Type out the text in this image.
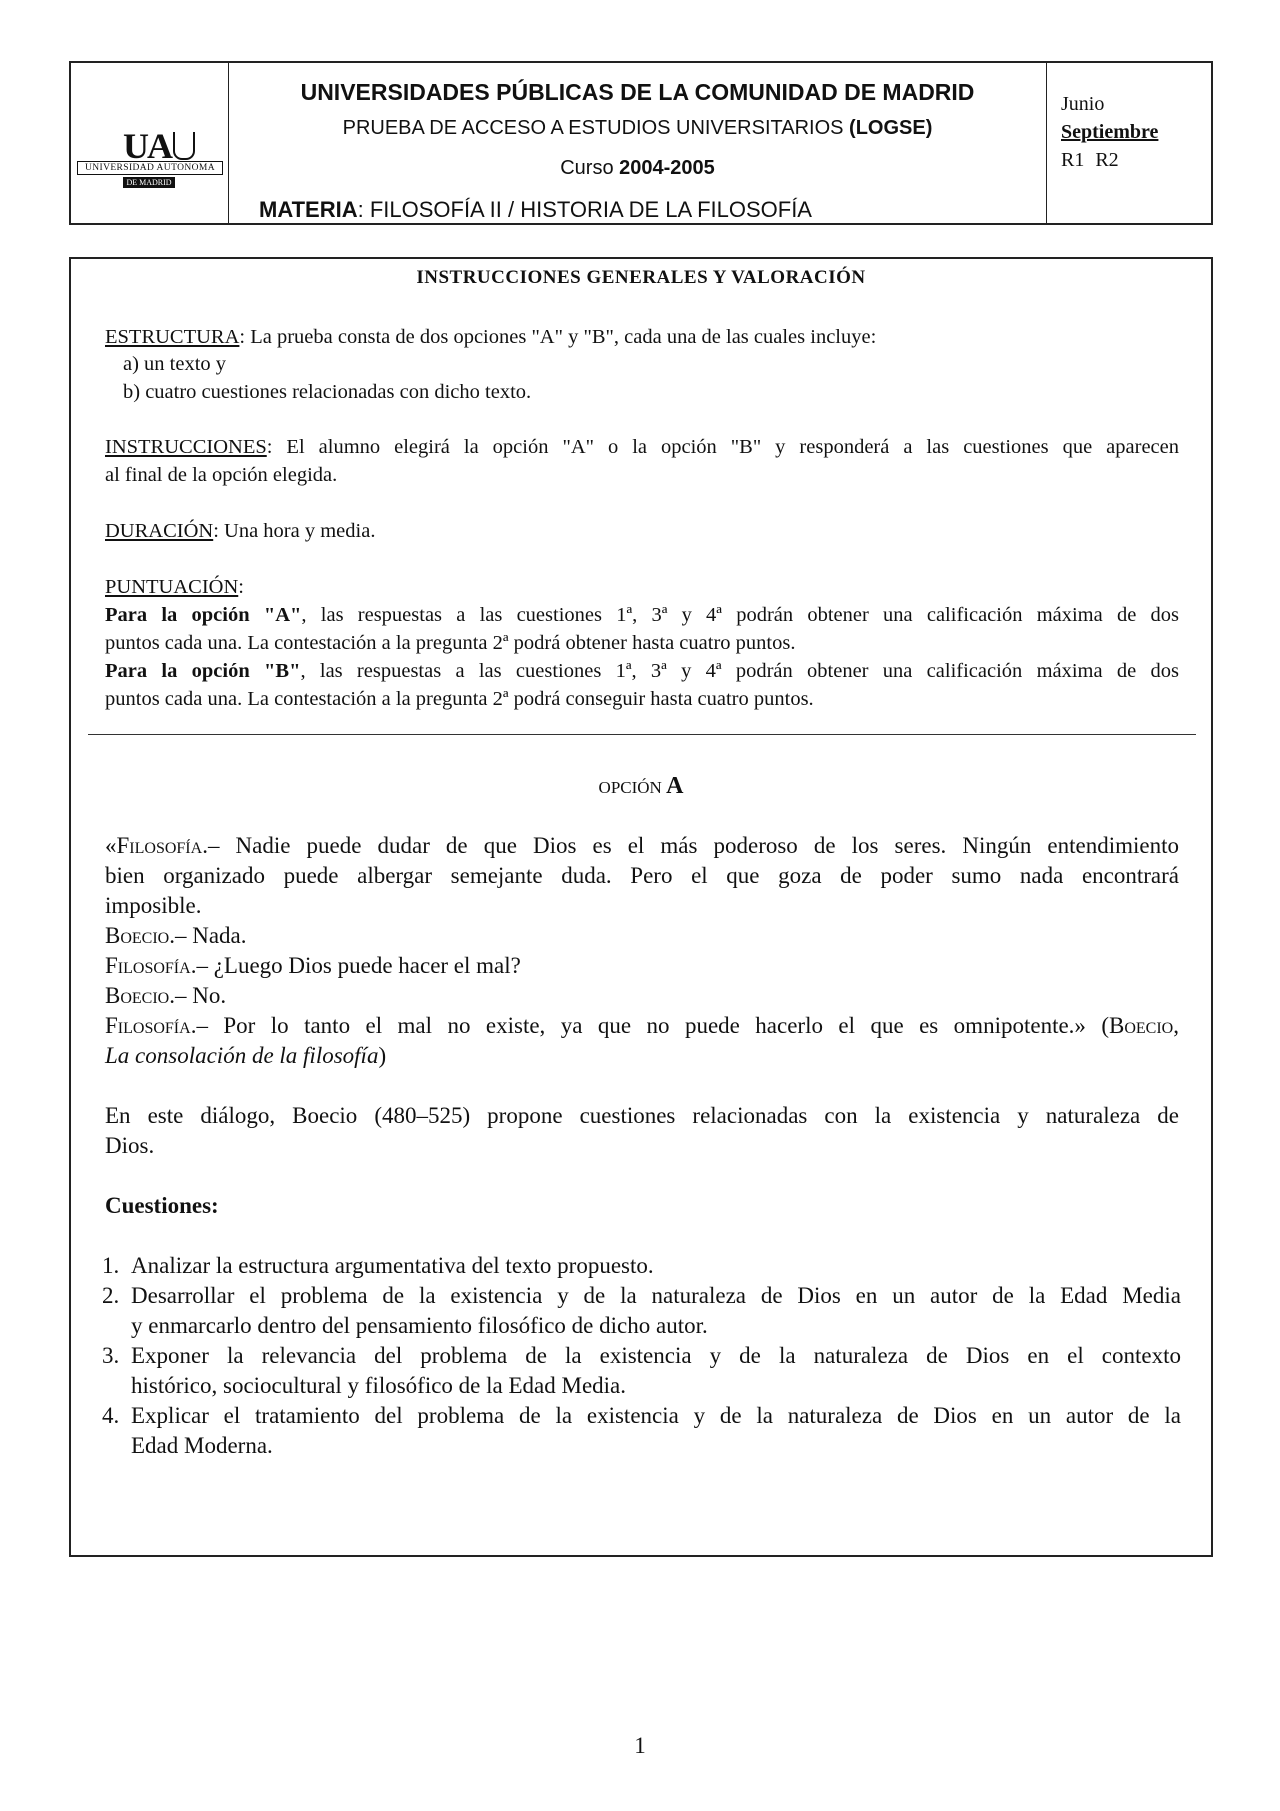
UA
UNIVERSIDAD AUTONOMA
DE MADRID
UNIVERSIDADES PÚBLICAS DE LA COMUNIDAD DE MADRID
PRUEBA DE ACCESO A ESTUDIOS UNIVERSITARIOS (LOGSE)
Curso 2004-2005
MATERIA: FILOSOFÍA II / HISTORIA DE LA FILOSOFÍA
Junio
Septiembre
R1 R2
INSTRUCCIONES GENERALES Y VALORACIÓN
ESTRUCTURA: La prueba consta de dos opciones "A" y "B", cada una de las cuales incluye:
a) un texto y
b) cuatro cuestiones relacionadas con dicho texto.
INSTRUCCIONES: El alumno elegirá la opción "A" o la opción "B" y responderá a las cuestiones que aparecen
al final de la opción elegida.
DURACIÓN: Una hora y media.
PUNTUACIÓN:
Para la opción "A", las respuestas a las cuestiones 1ª, 3ª y 4ª podrán obtener una calificación máxima de dos
puntos cada una. La contestación a la pregunta 2ª podrá obtener hasta cuatro puntos.
Para la opción "B", las respuestas a las cuestiones 1ª, 3ª y 4ª podrán obtener una calificación máxima de dos
puntos cada una. La contestación a la pregunta 2ª podrá conseguir hasta cuatro puntos.
OPCIÓN A
«Filosofía.– Nadie puede dudar de que Dios es el más poderoso de los seres. Ningún entendimiento
bien organizado puede albergar semejante duda. Pero el que goza de poder sumo nada encontrará
imposible.
Boecio.– Nada.
Filosofía.– ¿Luego Dios puede hacer el mal?
Boecio.– No.
Filosofía.– Por lo tanto el mal no existe, ya que no puede hacerlo el que es omnipotente.» (Boecio,
La consolación de la filosofía)
En este diálogo, Boecio (480–525) propone cuestiones relacionadas con la existencia y naturaleza de
Dios.
Cuestiones:
1. Analizar la estructura argumentativa del texto propuesto.
2. Desarrollar el problema de la existencia y de la naturaleza de Dios en un autor de la Edad Media
y enmarcarlo dentro del pensamiento filosófico de dicho autor.
3. Exponer la relevancia del problema de la existencia y de la naturaleza de Dios en el contexto
histórico, sociocultural y filosófico de la Edad Media.
4. Explicar el tratamiento del problema de la existencia y de la naturaleza de Dios en un autor de la
Edad Moderna.
1
